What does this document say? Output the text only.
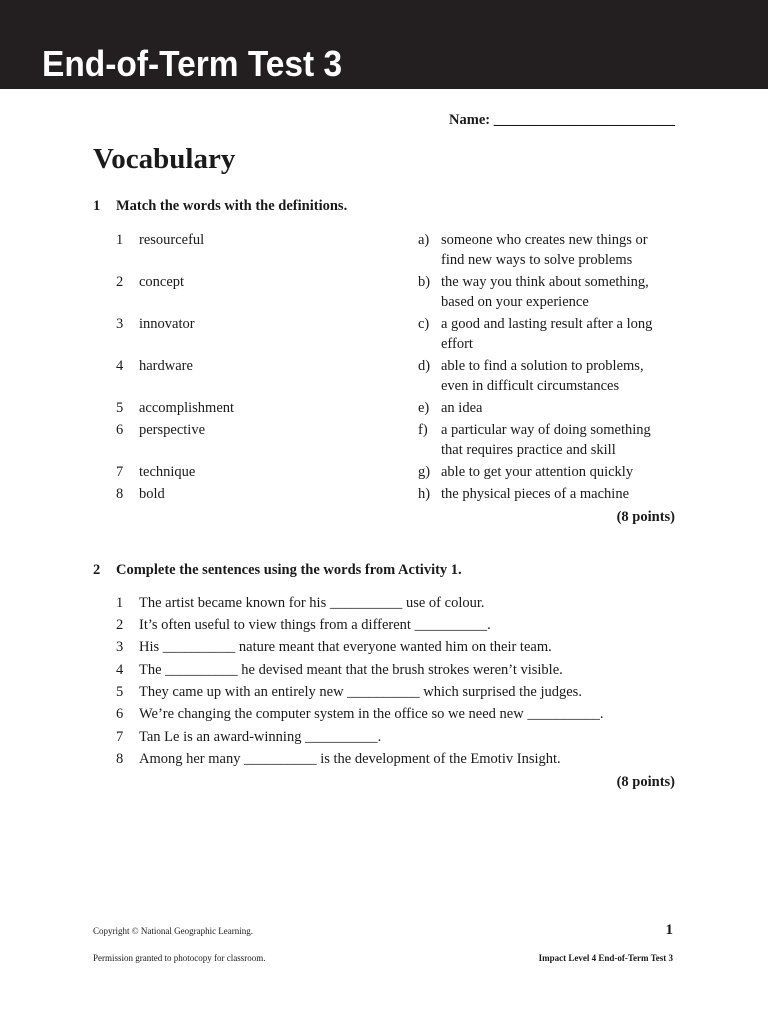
End-of-Term Test 3
Name: _________________________
Vocabulary
1 Match the words with the definitions.
1 resourceful
2 concept
3 innovator
4 hardware
5 accomplishment
6 perspective
7 technique
8 bold
a) someone who creates new things or
find new ways to solve problems
b) the way you think about something,
based on your experience
c) a good and lasting result after a long
effort
d) able to find a solution to problems,
even in difficult circumstances
e) an idea
f) a particular way of doing something
that requires practice and skill
g) able to get your attention quickly
h) the physical pieces of a machine
(8 points)
2 Complete the sentences using the words from Activity 1.
1 The artist became known for his __________ use of colour.
2 It’s often useful to view things from a different __________.
3 His __________ nature meant that everyone wanted him on their team.
4 The __________ he devised meant that the brush strokes weren’t visible.
5 They came up with an entirely new __________ which surprised the judges.
6 We’re changing the computer system in the office so we need new __________.
7 Tan Le is an award-winning __________.
8 Among her many __________ is the development of the Emotiv Insight.
(8 points)
Copyright © National Geographic Learning.	1
Permission granted to photocopy for classroom.	Impact Level 4 End-of-Term Test 3
